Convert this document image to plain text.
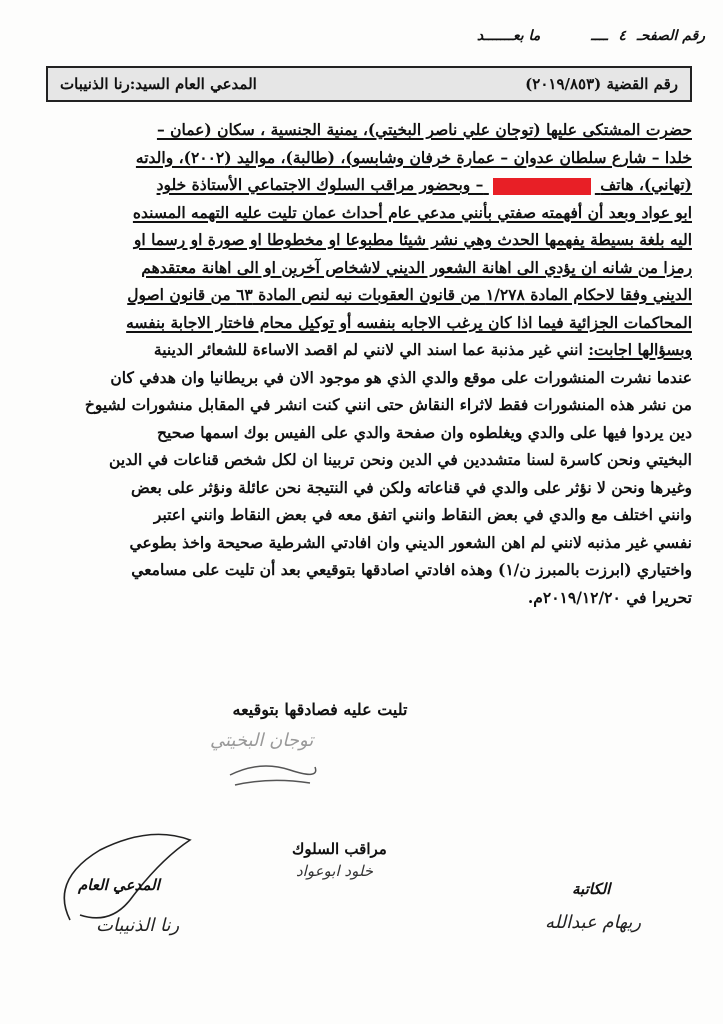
رقم الصفحـ ٤ ــــ ما بعـــــــد
رقم القضية (٢٠١٩/٨٥٣)
المدعي العام السيد:رنا الذنيبات
حضرت المشتكى عليها (توجان علي ناصر البخيتي)، يمنية الجنسية ، سكان (عمان –
خلدا – شارع سلطان عدوان – عمارة خرفان وشابسو)، (طالبة)، مواليد (٢٠٠٢)، والدته
(تهاني)، هاتف  – وبحضور مراقب السلوك الاجتماعي الأستاذة خلود
ابو عواد وبعد أن أفهمته صفتي بأنني مدعي عام أحداث عمان تليت عليه التهمه المسنده
اليه بلغة بسيطة يفهمها الحدث وهي نشر شيئا مطبوعا او مخطوطا او صورة او رسما او
رمزا من شانه ان يؤدي الى اهانة الشعور الديني لاشخاص آخرين او الى اهانة معتقدهم
الديني وفقا لاحكام المادة ١/٢٧٨ من قانون العقوبات نبه لنص المادة ٦٣ من قانون اصول
المحاكمات الجزائية فيما اذا كان يرغب الاجابه بنفسه أو توكيل محام فاختار الاجابة بنفسه
وبسؤالها اجابت: انني غير مذنبة عما اسند الي لانني لم اقصد الاساءة للشعائر الدينية
عندما نشرت المنشورات على موقع والدي الذي هو موجود الان في بريطانيا وان هدفي كان
من نشر هذه المنشورات فقط لاثراء النقاش حتى انني كنت انشر في المقابل منشورات لشيوخ
دين يردوا فيها على والدي ويغلطوه وان صفحة والدي على الفيس بوك اسمها صحيح
البخيتي ونحن كاسرة لسنا متشددين في الدين ونحن تربينا ان لكل شخص قناعات في الدين
وغيرها ونحن لا نؤثر على والدي في قناعاته ولكن في النتيجة نحن عائلة ونؤثر على بعض
وانني اختلف مع والدي في بعض النقاط وانني اتفق معه في بعض النقاط وانني اعتبر
نفسي غير مذنبه لانني لم اهن الشعور الديني وان افادتي الشرطية صحيحة واخذ بطوعي
واختياري (ابرزت بالمبرز ن/١) وهذه افادتي اصادقها بتوقيعي بعد أن تليت على مسامعي
تحريرا في ٢٠١٩/١٢/٢٠م.
تليت عليه فصادقها بتوقيعه
توجان البخيتي
مراقب السلوك
خلود ابوعواد
المدعي العام
رنا الذنيبات
الكاتبة
ريهام عبدالله
